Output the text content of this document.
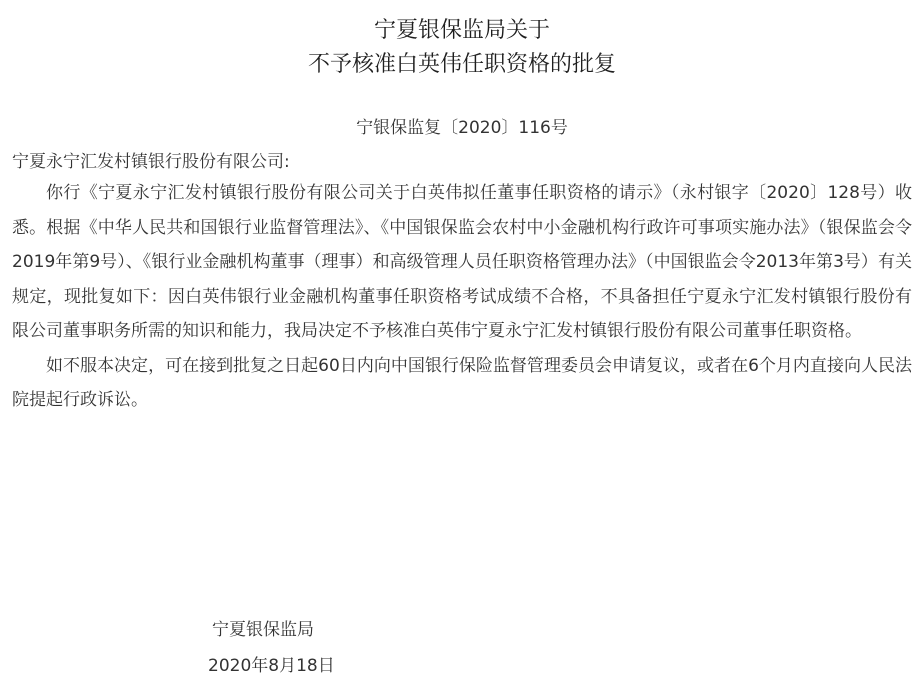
宁夏银保监局关于
不予核准白英伟任职资格的批复
宁银保监复〔2020〕116号
宁夏永宁汇发村镇银行股份有限公司:

你行《宁夏永宁汇发村镇银行股份有限公司关于白英伟拟任董事任职资格的请示》（永村银字〔2020〕128号）收悉。根据《中华人民共和国银行业监督管理法》、《中国银保监会农村中小金融机构行政许可事项实施办法》（银保监会令2019年第9号）、《银行业金融机构董事（理事）和高级管理人员任职资格管理办法》（中国银监会令2013年第3号）有关规定，现批复如下：因白英伟银行业金融机构董事任职资格考试成绩不合格，不具备担任宁夏永宁汇发村镇银行股份有限公司董事职务所需的知识和能力，我局决定不予核准白英伟宁夏永宁汇发村镇银行股份有限公司董事任职资格。

如不服本决定，可在接到批复之日起60日内向中国银行保险监督管理委员会申请复议，或者在6个月内直接向人民法院提起行政诉讼。

宁夏银保监局
2020年8月18日
